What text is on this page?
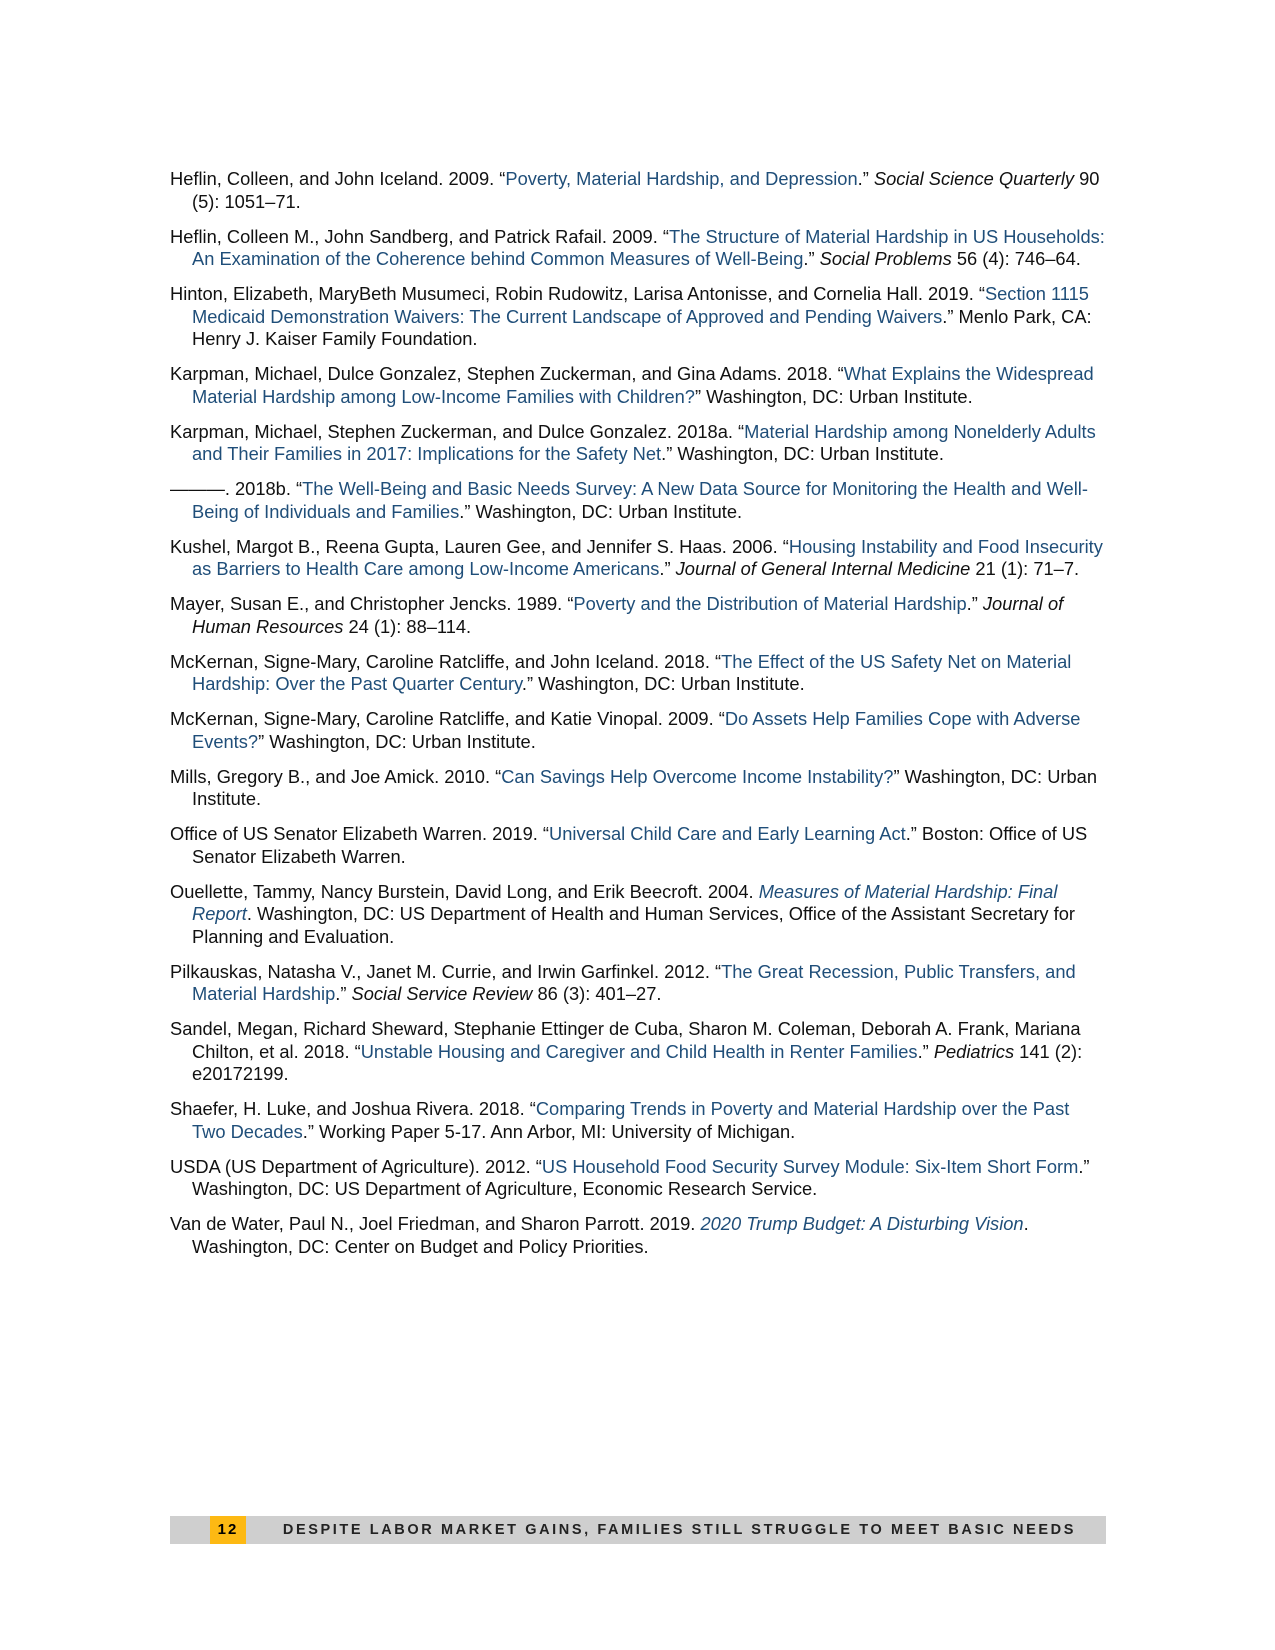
Heflin, Colleen, and John Iceland. 2009. “Poverty, Material Hardship, and Depression.” Social Science Quarterly 90 (5): 1051–71.

Heflin, Colleen M., John Sandberg, and Patrick Rafail. 2009. “The Structure of Material Hardship in US Households: An Examination of the Coherence behind Common Measures of Well-Being.” Social Problems 56 (4): 746–64.

Hinton, Elizabeth, MaryBeth Musumeci, Robin Rudowitz, Larisa Antonisse, and Cornelia Hall. 2019. “Section 1115 Medicaid Demonstration Waivers: The Current Landscape of Approved and Pending Waivers.” Menlo Park, CA: Henry J. Kaiser Family Foundation.

Karpman, Michael, Dulce Gonzalez, Stephen Zuckerman, and Gina Adams. 2018. “What Explains the Widespread Material Hardship among Low-Income Families with Children?” Washington, DC: Urban Institute.

Karpman, Michael, Stephen Zuckerman, and Dulce Gonzalez. 2018a. “Material Hardship among Nonelderly Adults and Their Families in 2017: Implications for the Safety Net.” Washington, DC: Urban Institute.

———. 2018b. “The Well-Being and Basic Needs Survey: A New Data Source for Monitoring the Health and Well-Being of Individuals and Families.” Washington, DC: Urban Institute.

Kushel, Margot B., Reena Gupta, Lauren Gee, and Jennifer S. Haas. 2006. “Housing Instability and Food Insecurity as Barriers to Health Care among Low-Income Americans.” Journal of General Internal Medicine 21 (1): 71–7.

Mayer, Susan E., and Christopher Jencks. 1989. “Poverty and the Distribution of Material Hardship.” Journal of Human Resources 24 (1): 88–114.

McKernan, Signe-Mary, Caroline Ratcliffe, and John Iceland. 2018. “The Effect of the US Safety Net on Material Hardship: Over the Past Quarter Century.” Washington, DC: Urban Institute.

McKernan, Signe-Mary, Caroline Ratcliffe, and Katie Vinopal. 2009. “Do Assets Help Families Cope with Adverse Events?” Washington, DC: Urban Institute.

Mills, Gregory B., and Joe Amick. 2010. “Can Savings Help Overcome Income Instability?” Washington, DC: Urban Institute.

Office of US Senator Elizabeth Warren. 2019. “Universal Child Care and Early Learning Act.” Boston: Office of US Senator Elizabeth Warren.

Ouellette, Tammy, Nancy Burstein, David Long, and Erik Beecroft. 2004. Measures of Material Hardship: Final Report. Washington, DC: US Department of Health and Human Services, Office of the Assistant Secretary for Planning and Evaluation.

Pilkauskas, Natasha V., Janet M. Currie, and Irwin Garfinkel. 2012. “The Great Recession, Public Transfers, and Material Hardship.” Social Service Review 86 (3): 401–27.

Sandel, Megan, Richard Sheward, Stephanie Ettinger de Cuba, Sharon M. Coleman, Deborah A. Frank, Mariana Chilton, et al. 2018. “Unstable Housing and Caregiver and Child Health in Renter Families.” Pediatrics 141 (2): e20172199.

Shaefer, H. Luke, and Joshua Rivera. 2018. “Comparing Trends in Poverty and Material Hardship over the Past Two Decades.” Working Paper 5-17. Ann Arbor, MI: University of Michigan.

USDA (US Department of Agriculture). 2012. “US Household Food Security Survey Module: Six-Item Short Form.” Washington, DC: US Department of Agriculture, Economic Research Service.

Van de Water, Paul N., Joel Friedman, and Sharon Parrott. 2019. 2020 Trump Budget: A Disturbing Vision. Washington, DC: Center on Budget and Policy Priorities.

12	DESPITE LABOR MARKET GAINS, FAMILIES STILL STRUGGLE TO MEET BASIC NEEDS
